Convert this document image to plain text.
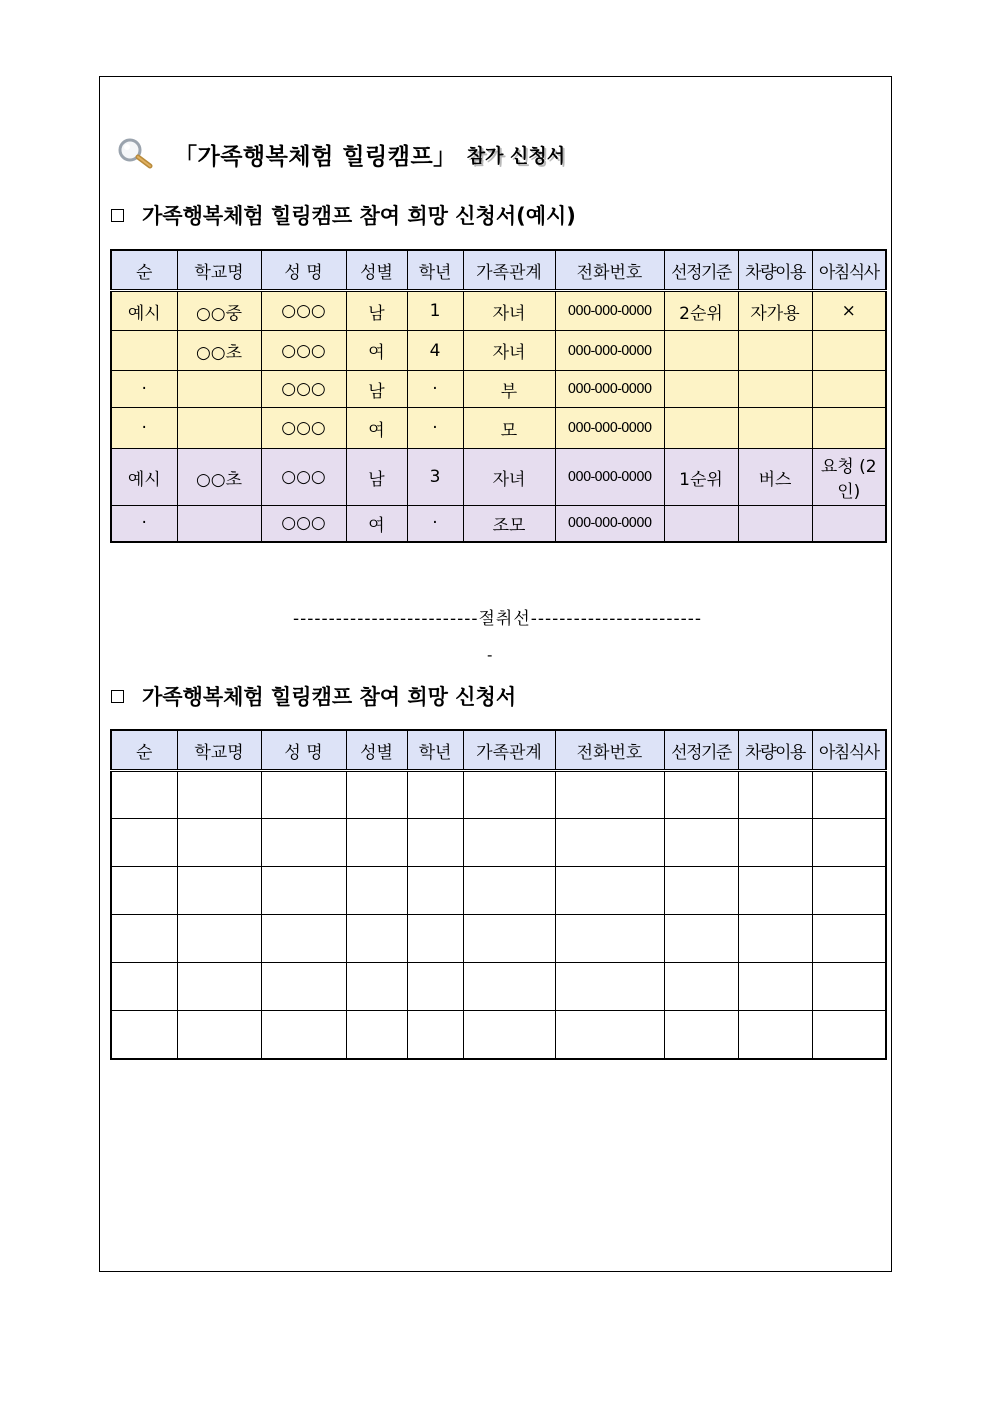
「가족행복체험 힐링캠프」 참가 신청서
가족행복체험 힐링캠프 참여 희망 신청서(예시)
순	학교명	성 명	성별	학년	가족관계	전화번호	선정기준	차량이용	아침식사
예시	○○중	○○○	남	1	자녀	000-000-0000	2순위	자가용	×
	○○초	○○○	여	4	자녀	000-000-0000			
·		○○○	남	·	부	000-000-0000			
·		○○○	여	·	모	000-000-0000			
예시	○○초	○○○	남	3	자녀	000-000-0000	1순위	버스	요청 (2인)
·		○○○	여	·	조모	000-000-0000			
--------------------------절취선------------------------
-
가족행복체험 힐링캠프 참여 희망 신청서
순	학교명	성 명	성별	학년	가족관계	전화번호	선정기준	차량이용	아침식사
